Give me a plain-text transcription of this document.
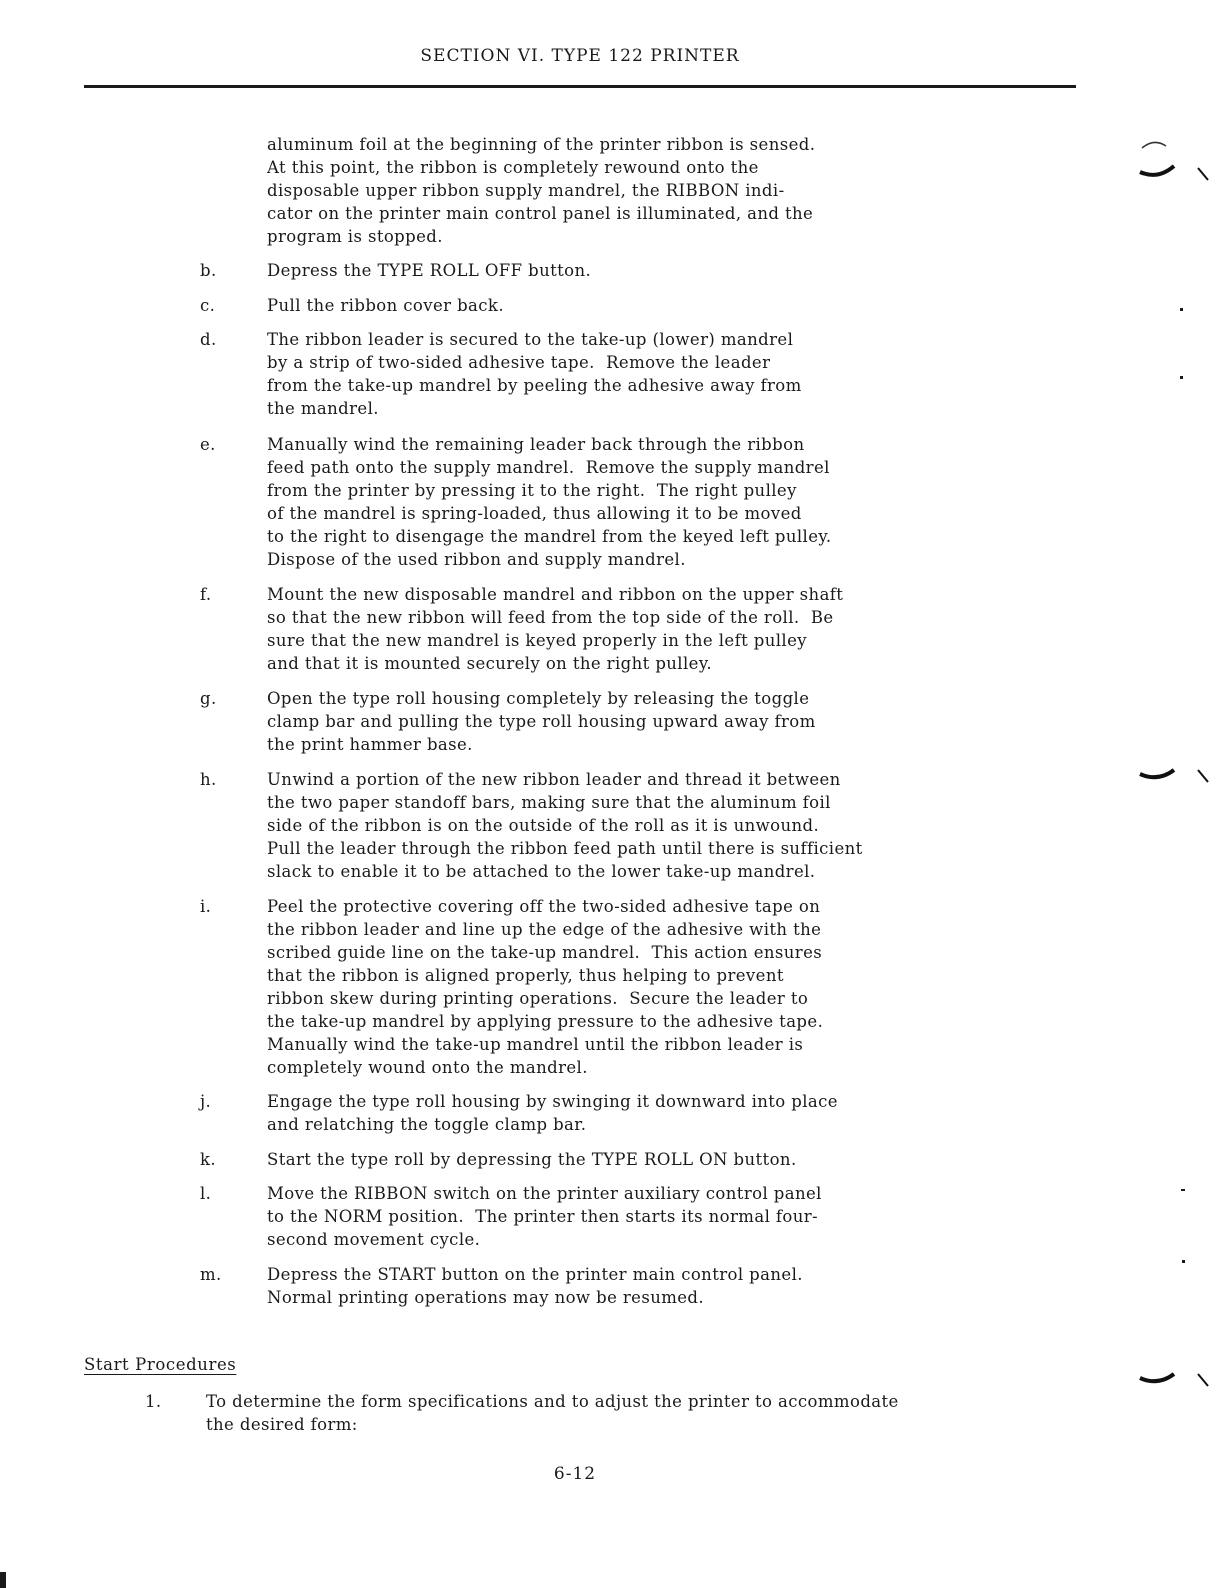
SECTION VI. TYPE 122 PRINTER
aluminum foil at the beginning of the printer ribbon is sensed.
At this point, the ribbon is completely rewound onto the
disposable upper ribbon supply mandrel, the RIBBON indi-
cator on the printer main control panel is illuminated, and the
program is stopped.
b.	Depress the TYPE ROLL OFF button.
c.	Pull the ribbon cover back.
d.	The ribbon leader is secured to the take-up (lower) mandrel
by a strip of two-sided adhesive tape.  Remove the leader
from the take-up mandrel by peeling the adhesive away from
the mandrel.
e.	Manually wind the remaining leader back through the ribbon
feed path onto the supply mandrel.  Remove the supply mandrel
from the printer by pressing it to the right.  The right pulley
of the mandrel is spring-loaded, thus allowing it to be moved
to the right to disengage the mandrel from the keyed left pulley.
Dispose of the used ribbon and supply mandrel.
f.	Mount the new disposable mandrel and ribbon on the upper shaft
so that the new ribbon will feed from the top side of the roll.  Be
sure that the new mandrel is keyed properly in the left pulley
and that it is mounted securely on the right pulley.
g.	Open the type roll housing completely by releasing the toggle
clamp bar and pulling the type roll housing upward away from
the print hammer base.
h.	Unwind a portion of the new ribbon leader and thread it between
the two paper standoff bars, making sure that the aluminum foil
side of the ribbon is on the outside of the roll as it is unwound.
Pull the leader through the ribbon feed path until there is sufficient
slack to enable it to be attached to the lower take-up mandrel.
i.	Peel the protective covering off the two-sided adhesive tape on
the ribbon leader and line up the edge of the adhesive with the
scribed guide line on the take-up mandrel.  This action ensures
that the ribbon is aligned properly, thus helping to prevent
ribbon skew during printing operations.  Secure the leader to
the take-up mandrel by applying pressure to the adhesive tape.
Manually wind the take-up mandrel until the ribbon leader is
completely wound onto the mandrel.
j.	Engage the type roll housing by swinging it downward into place
and relatching the toggle clamp bar.
k.	Start the type roll by depressing the TYPE ROLL ON button.
l.	Move the RIBBON switch on the printer auxiliary control panel
to the NORM position.  The printer then starts its normal four-
second movement cycle.
m.	Depress the START button on the printer main control panel.
Normal printing operations may now be resumed.
Start Procedures
1.	To determine the form specifications and to adjust the printer to accommodate
the desired form:
6-12
